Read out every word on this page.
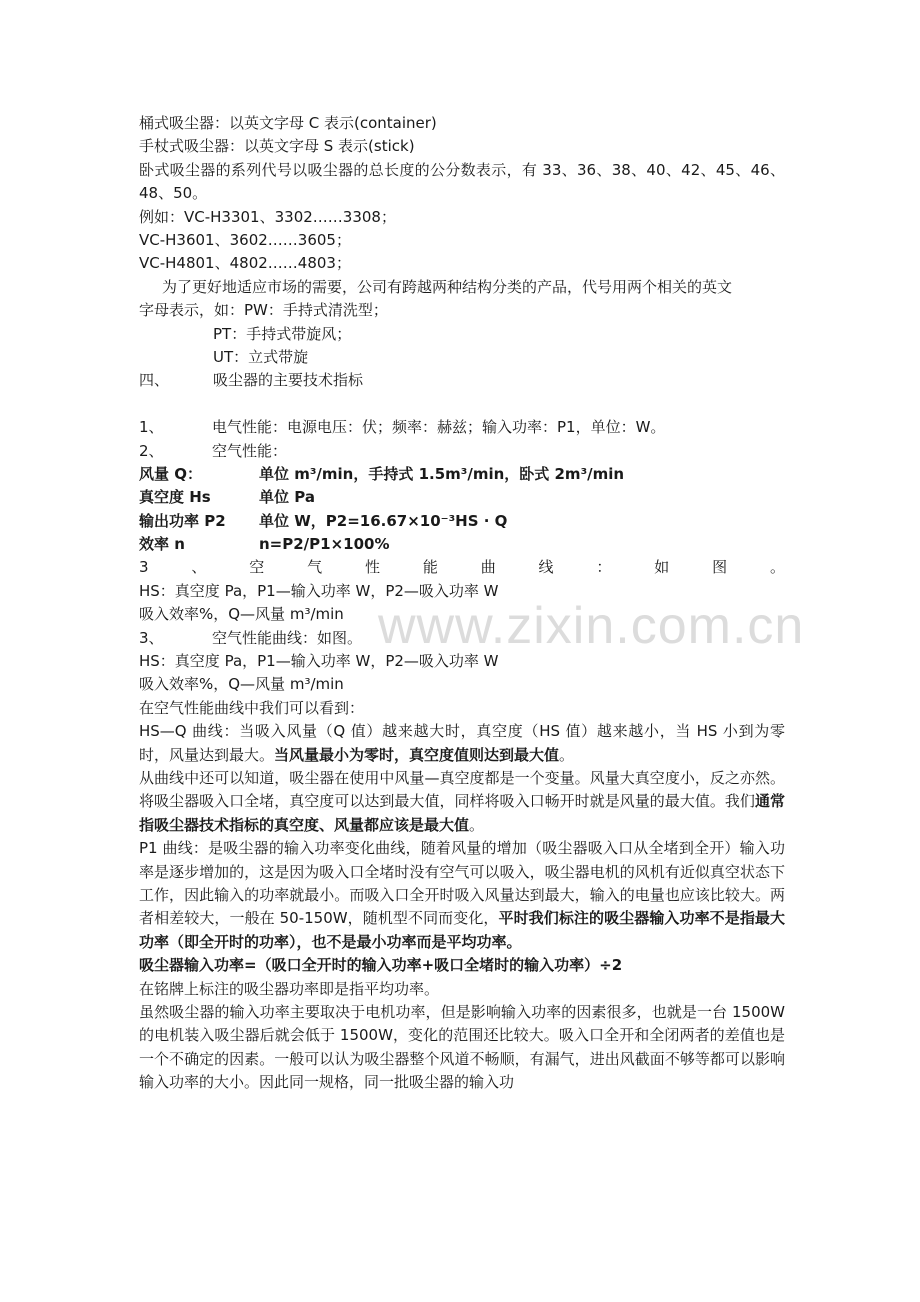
www.zixin.com.cn
桶式吸尘器：以英文字母 C 表示(container)
手杖式吸尘器：以英文字母 S 表示(stick)
卧式吸尘器的系列代号以吸尘器的总长度的公分数表示，有 33、36、38、40、42、45、46、48、50。
例如：VC-H3301、3302……3308；
VC-H3601、3602……3605；
VC-H4801、4802……4803；
为了更好地适应市场的需要，公司有跨越两种结构分类的产品，代号用两个相关的英文
字母表示，如：PW：手持式清洗型；
PT：手持式带旋风；
UT：立式带旋
四、	吸尘器的主要技术指标
1、	电气性能：电源电压：伏；频率：赫兹；输入功率：P1，单位：W。
2、	空气性能：
风量 Q：	单位 m³/min，手持式 1.5m³/min，卧式 2m³/min
真空度 Hs	单位 Pa
输出功率 P2 单位 W，P2=16.67×10⁻³HS · Q
效率 n	n=P2/P1×100%
3	、	空	气	性	能	曲	线	：	如	图	。
HS：真空度 Pa，P1—输入功率 W，P2—吸入功率 W
吸入效率%，Q—风量 m³/min
3、	空气性能曲线：如图。
HS：真空度 Pa，P1—输入功率 W，P2—吸入功率 W
吸入效率%，Q—风量 m³/min
在空气性能曲线中我们可以看到：
HS—Q 曲线：当吸入风量（Q 值）越来越大时，真空度（HS 值）越来越小，当 HS 小到为零时，风量达到最大。当风量最小为零时，真空度值则达到最大值。
从曲线中还可以知道，吸尘器在使用中风量—真空度都是一个变量。风量大真空度小，反之亦然。将吸尘器吸入口全堵，真空度可以达到最大值，同样将吸入口畅开时就是风量的最大值。我们通常指吸尘器技术指标的真空度、风量都应该是最大值。
P1 曲线：是吸尘器的输入功率变化曲线，随着风量的增加（吸尘器吸入口从全堵到全开）输入功率是逐步增加的，这是因为吸入口全堵时没有空气可以吸入，吸尘器电机的风机有近似真空状态下工作，因此输入的功率就最小。而吸入口全开时吸入风量达到最大，输入的电量也应该比较大。两者相差较大，一般在 50-150W，随机型不同而变化，平时我们标注的吸尘器输入功率不是指最大功率（即全开时的功率），也不是最小功率而是平均功率。
吸尘器输入功率=（吸口全开时的输入功率+吸口全堵时的输入功率）÷2
在铭牌上标注的吸尘器功率即是指平均功率。
虽然吸尘器的输入功率主要取决于电机功率，但是影响输入功率的因素很多，也就是一台 1500W 的电机装入吸尘器后就会低于 1500W，变化的范围还比较大。吸入口全开和全闭两者的差值也是一个不确定的因素。一般可以认为吸尘器整个风道不畅顺，有漏气，进出风截面不够等都可以影响输入功率的大小。因此同一规格，同一批吸尘器的输入功
